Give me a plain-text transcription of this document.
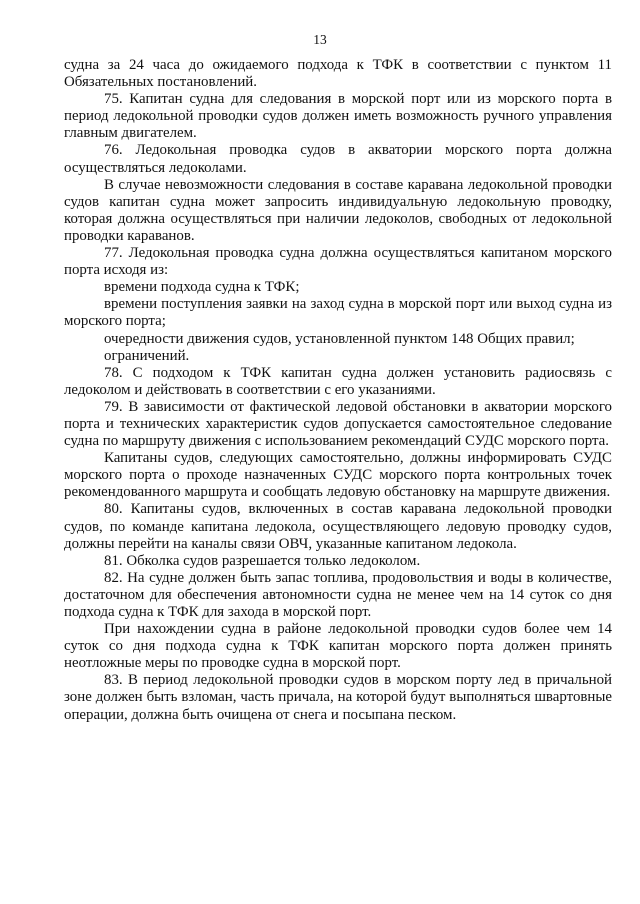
13

судна за 24 часа до ожидаемого подхода к ТФК в соответствии с пунктом 11 Обязательных постановлений.

75. Капитан судна для следования в морской порт или из морского порта в период ледокольной проводки судов должен иметь возможность ручного управления главным двигателем.

76. Ледокольная проводка судов в акватории морского порта должна осуществляться ледоколами.

В случае невозможности следования в составе каравана ледокольной проводки судов капитан судна может запросить индивидуальную ледокольную проводку, которая должна осуществляться при наличии ледоколов, свободных от ледокольной проводки караванов.

77. Ледокольная проводка судна должна осуществляться капитаном морского порта исходя из:

времени подхода судна к ТФК;

времени поступления заявки на заход судна в морской порт или выход судна из морского порта;

очередности движения судов, установленной пунктом 148 Общих правил;

ограничений.

78. С подходом к ТФК капитан судна должен установить радиосвязь с ледоколом и действовать в соответствии с его указаниями.

79. В зависимости от фактической ледовой обстановки в акватории морского порта и технических характеристик судов допускается самостоятельное следование судна по маршруту движения с использованием рекомендаций СУДС морского порта.

Капитаны судов, следующих самостоятельно, должны информировать СУДС морского порта о проходе назначенных СУДС морского порта контрольных точек рекомендованного маршрута и сообщать ледовую обстановку на маршруте движения.

80. Капитаны судов, включенных в состав каравана ледокольной проводки судов, по команде капитана ледокола, осуществляющего ледовую проводку судов, должны перейти на каналы связи ОВЧ, указанные капитаном ледокола.

81. Обколка судов разрешается только ледоколом.

82. На судне должен быть запас топлива, продовольствия и воды в количестве, достаточном для обеспечения автономности судна не менее чем на 14 суток со дня подхода судна к ТФК для захода в морской порт.

При нахождении судна в районе ледокольной проводки судов более чем 14 суток со дня подхода судна к ТФК капитан морского порта должен принять неотложные меры по проводке судна в морской порт.

83. В период ледокольной проводки судов в морском порту лед в причальной зоне должен быть взломан, часть причала, на которой будут выполняться швартовные операции, должна быть очищена от снега и посыпана песком.
